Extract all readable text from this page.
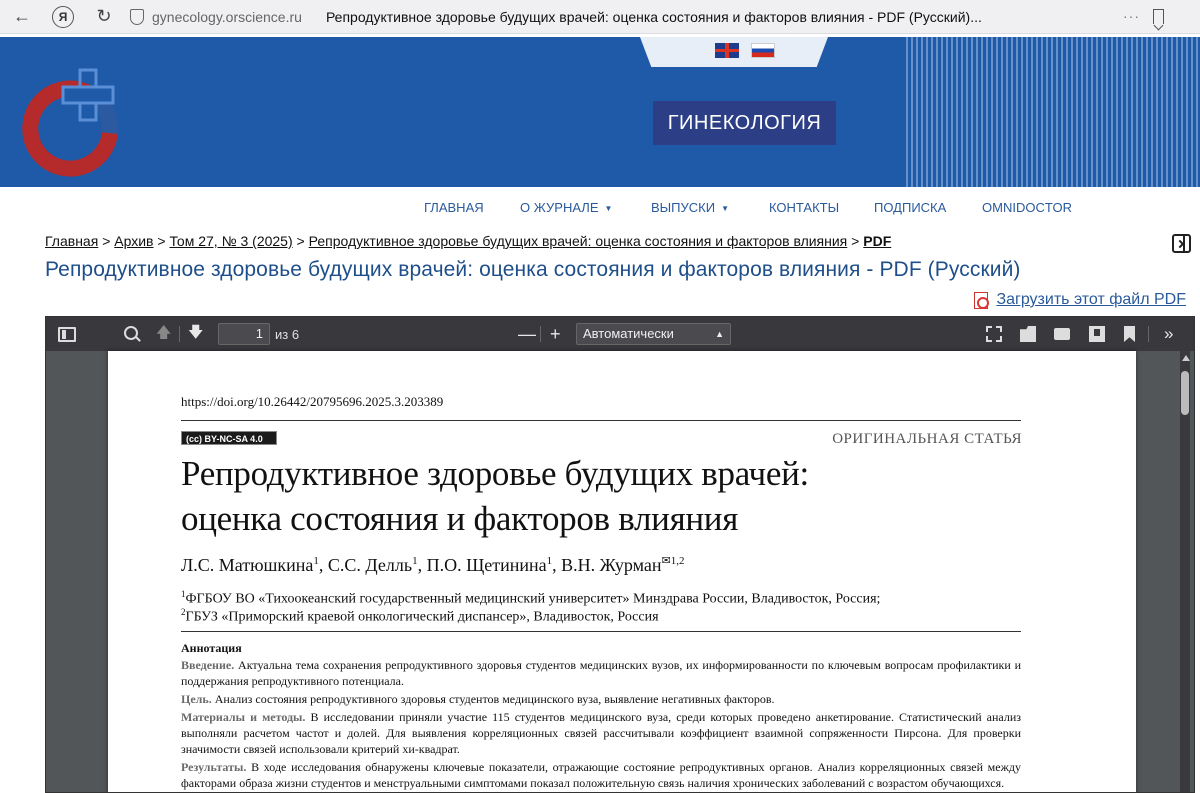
←	Я	↻	gynecology.orscience.ru Репродуктивное здоровье будущих врачей: оценка состояния и факторов влияния - PDF (Русский)...	···
ГИНЕКОЛОГИЯ
ГЛАВНАЯ	О ЖУРНАЛЕ ▼	ВЫПУСКИ ▼	КОНТАКТЫ	ПОДПИСКА	OMNIDOCTOR
Главная > Архив > Том 27, № 3 (2025) > Репродуктивное здоровье будущих врачей: оценка состояния и факторов влияния > PDF
Репродуктивное здоровье будущих врачей: оценка состояния и факторов влияния - PDF (Русский)
Загрузить этот файл PDF
🡅 🡇	1 из 6	— +	Автоматически	▲	»
https://doi.org/10.26442/20795696.2025.3.203389
(cc) BY-NC-SA 4.0	ОРИГИНАЛЬНАЯ СТАТЬЯ
Репродуктивное здоровье будущих врачей:
оценка состояния и факторов влияния
Л.С. Матюшкина$^1$, С.С. Делль$^1$, П.О. Щетинина$^1$, В.Н. Журман$^{✉1,2}$
$^1$ФГБОУ ВО «Тихоокеанский государственный медицинский университет» Минздрава России, Владивосток, Россия;
$^2$ГБУЗ «Приморский краевой онкологический диспансер», Владивосток, Россия
Аннотация
Введение. Актуальна тема сохранения репродуктивного здоровья студентов медицинских вузов, их информированности по ключевым вопросам профилактики и поддержания репродуктивного потенциала.
Цель. Анализ состояния репродуктивного здоровья студентов медицинского вуза, выявление негативных факторов.
Материалы и методы. В исследовании приняли участие 115 студентов медицинского вуза, среди которых проведено анкетирование. Статистический анализ выполняли расчетом частот и долей. Для выявления корреляционных связей рассчитывали коэффициент взаимной сопряженности Пирсона. Для проверки значимости связей использовали критерий хи-квадрат.
Результаты. В ходе исследования обнаружены ключевые показатели, отражающие состояние репродуктивных органов. Анализ корреляционных связей между факторами образа жизни студентов и менструальными симптомами показал положительную связь наличия хронических заболеваний с возрастом обучающихся.
